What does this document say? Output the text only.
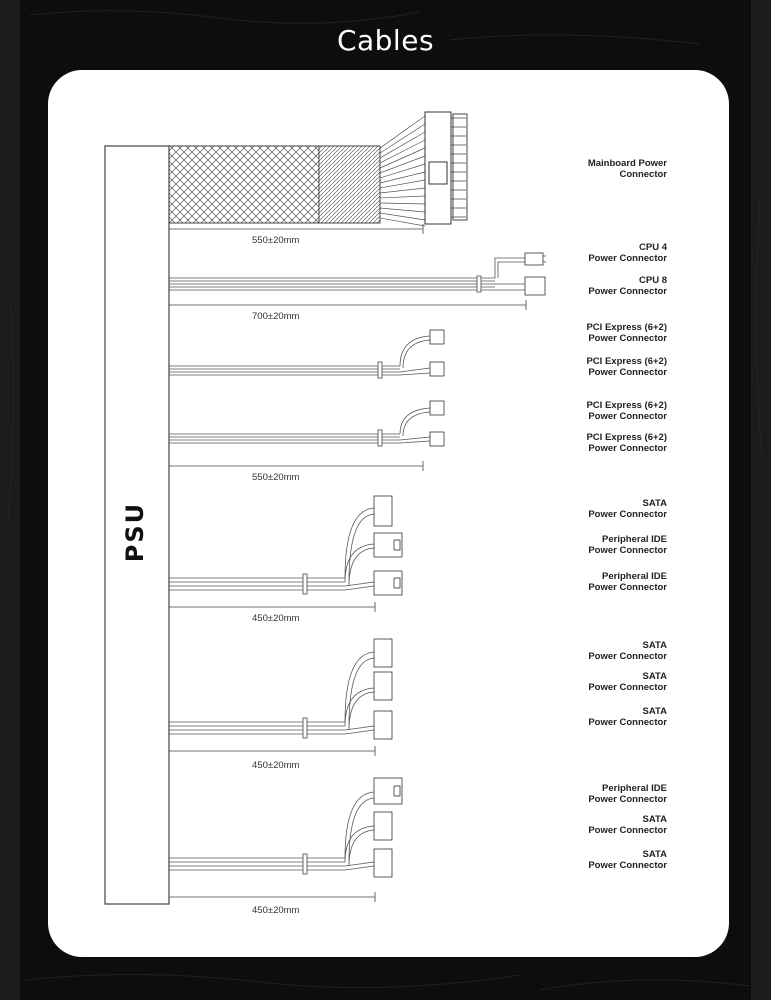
Cables
PSU
550±20mm
700±20mm
550±20mm
450±20mm
450±20mm
450±20mm
Mainboard Power
Connector
CPU 4
Power Connector
CPU 8
Power Connector
PCI Express (6+2)
Power Connector
PCI Express (6+2)
Power Connector
PCI Express (6+2)
Power Connector
PCI Express (6+2)
Power Connector
SATA
Power Connector
Peripheral IDE
Power Connector
Peripheral IDE
Power Connector
SATA
Power Connector
SATA
Power Connector
SATA
Power Connector
Peripheral IDE
Power Connector
SATA
Power Connector
SATA
Power Connector
